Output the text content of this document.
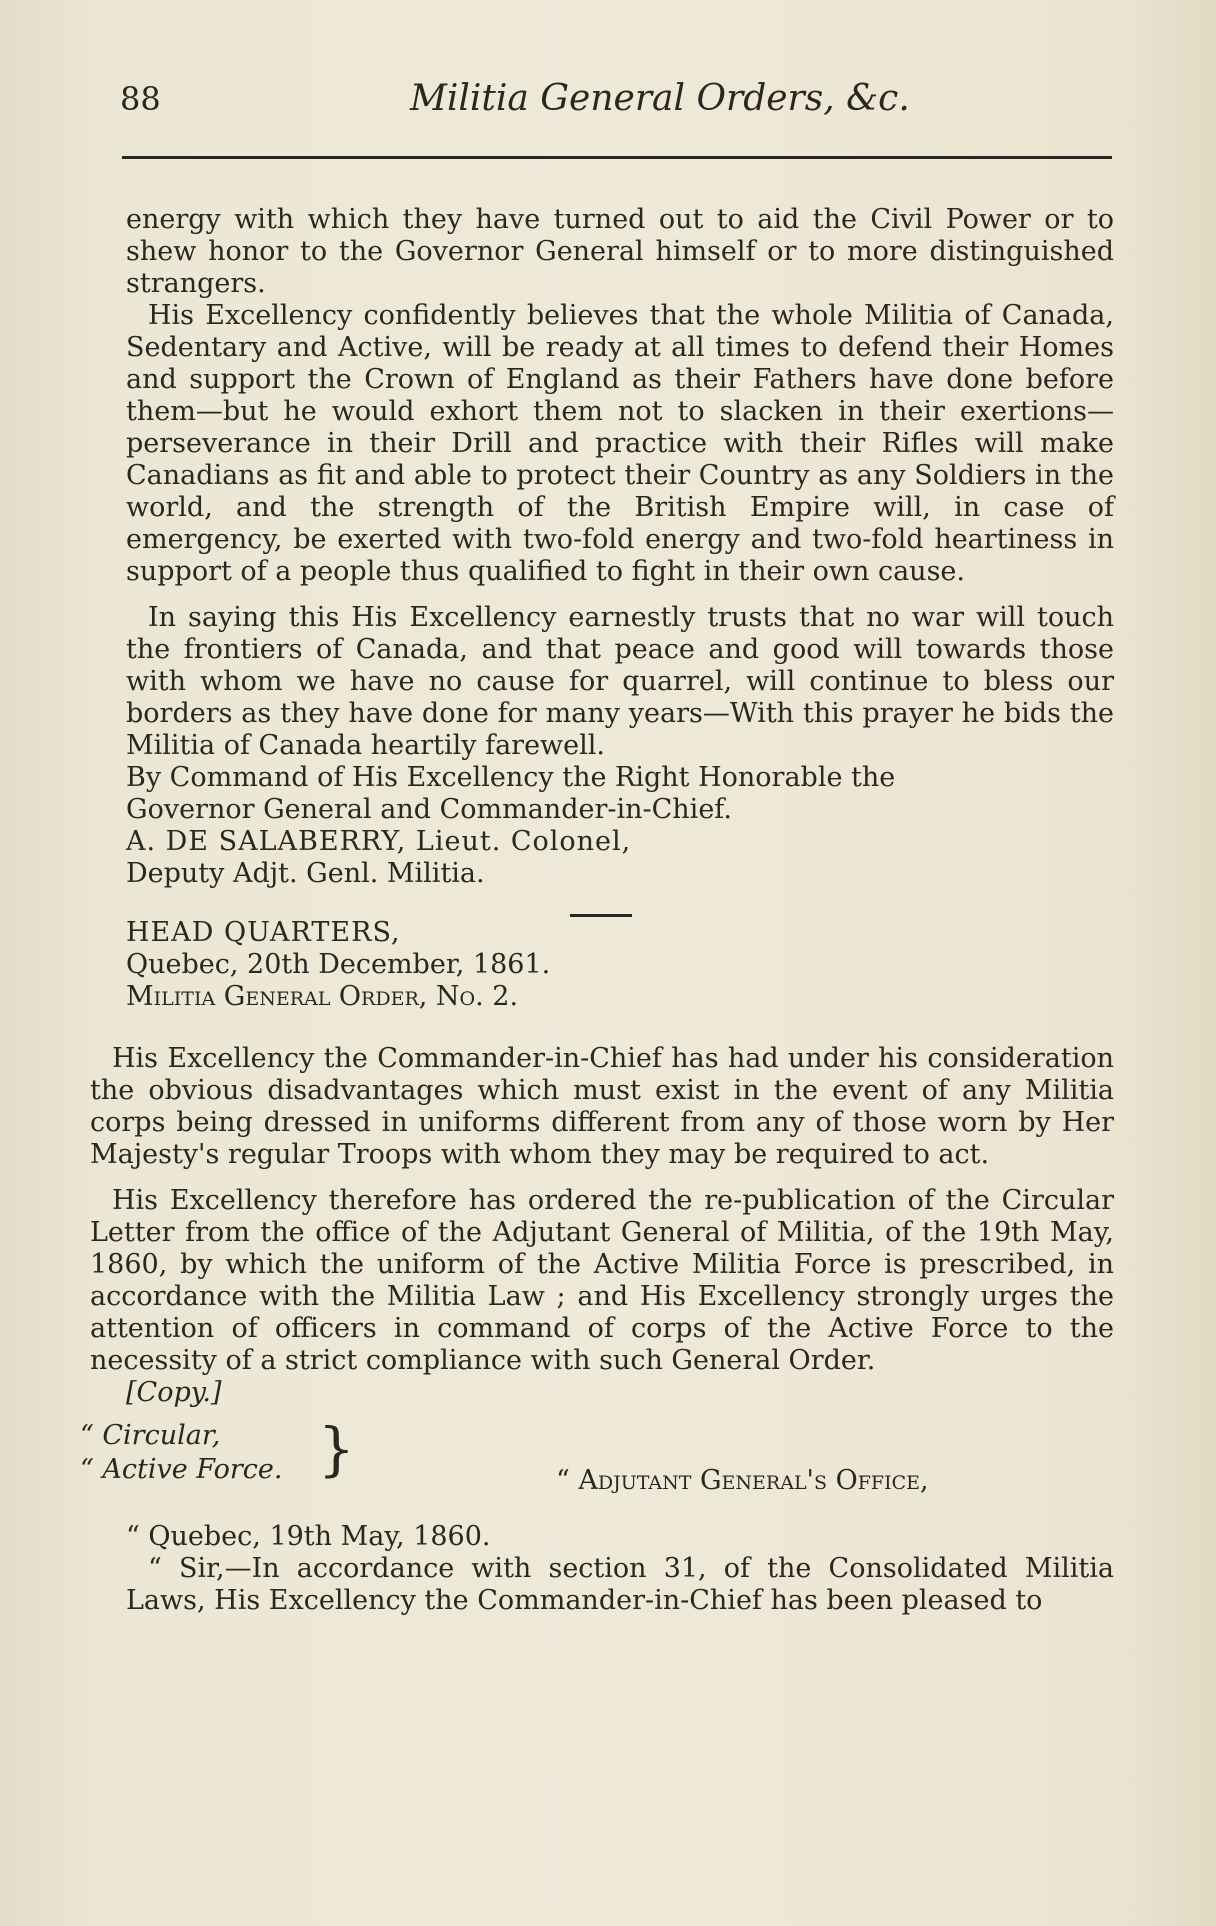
88	Militia General Orders, &c.

energy with which they have turned out to aid the Civil Power or to shew honor to the Governor General himself or to more distinguished strangers.

His Excellency confidently believes that the whole Militia of Canada, Sedentary and Active, will be ready at all times to defend their Homes and support the Crown of England as their Fathers have done before them—but he would exhort them not to slacken in their exertions—perseverance in their Drill and practice with their Rifles will make Canadians as fit and able to protect their Country as any Soldiers in the world, and the strength of the British Empire will, in case of emergency, be exerted with two-fold energy and two-fold heartiness in support of a people thus qualified to fight in their own cause.

In saying this His Excellency earnestly trusts that no war will touch the frontiers of Canada, and that peace and good will towards those with whom we have no cause for quarrel, will continue to bless our borders as they have done for many years—With this prayer he bids the Militia of Canada heartily farewell.

By Command of His Excellency the Right Honorable the

Governor General and Commander-in-Chief.

A. DE SALABERRY, Lieut. Colonel,

Deputy Adjt. Genl. Militia.

HEAD QUARTERS,

Quebec, 20th December, 1861.

Militia General Order, No. 2.

His Excellency the Commander-in-Chief has had under his consideration the obvious disadvantages which must exist in the event of any Militia corps being dressed in uniforms different from any of those worn by Her Majesty's regular Troops with whom they may be required to act.

His Excellency therefore has ordered the re-publication of the Circular Letter from the office of the Adjutant General of Militia, of the 19th May, 1860, by which the uniform of the Active Militia Force is prescribed, in accordance with the Militia Law ; and His Excellency strongly urges the attention of officers in command of corps of the Active Force to the necessity of a strict compliance with such General Order.

[Copy.]

“ Circular,
“ Active Force. }	“ Adjutant General's Office,

“ Quebec, 19th May, 1860.

“ Sir,—In accordance with section 31, of the Consolidated Militia Laws, His Excellency the Commander-in-Chief has been pleased to
